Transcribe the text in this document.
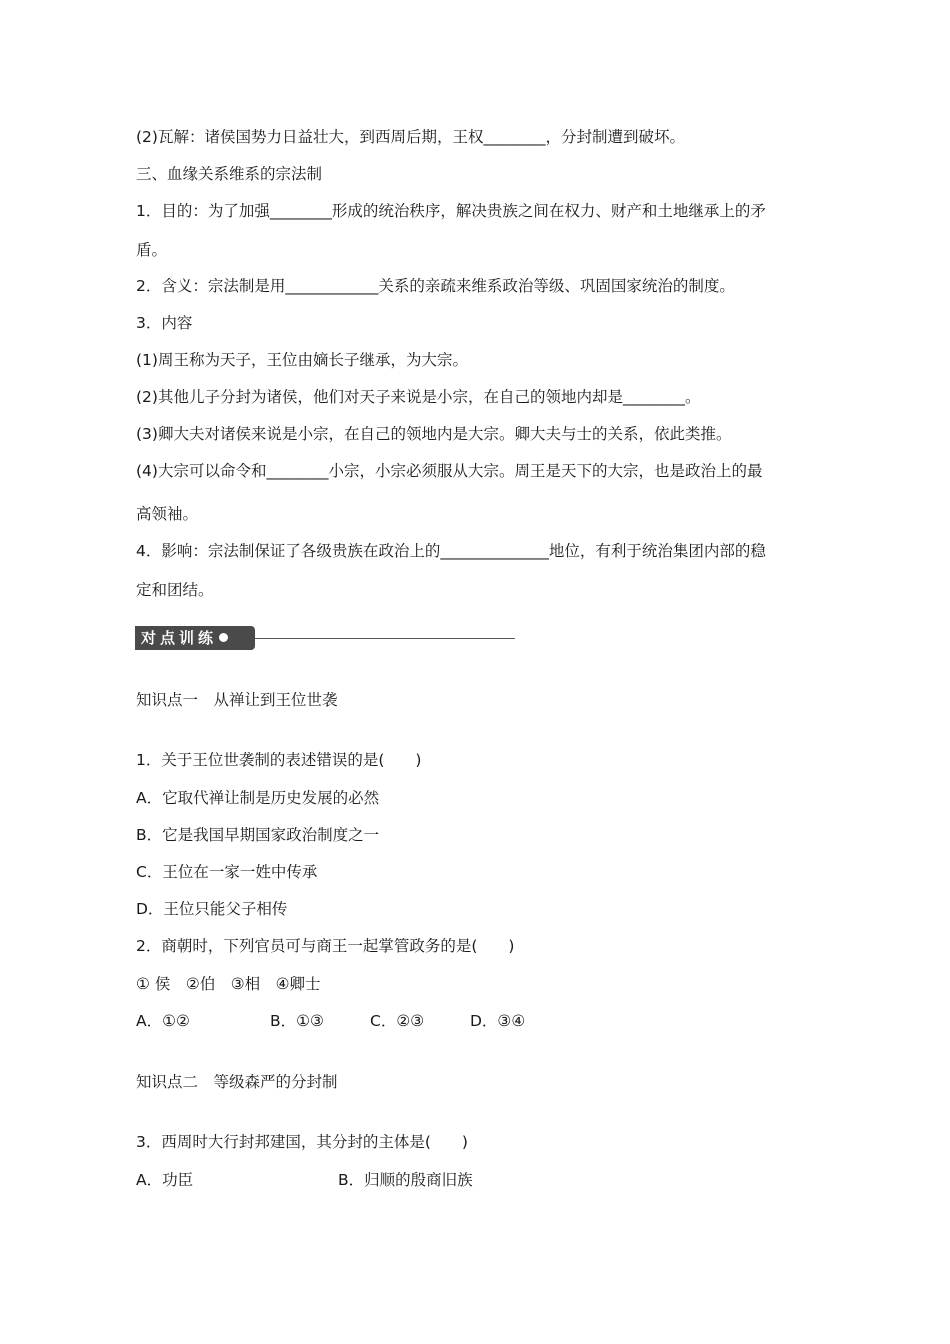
(2)瓦解：诸侯国势力日益壮大，到西周后期，王权________，分封制遭到破坏。
三、血缘关系维系的宗法制
1．目的：为了加强________形成的统治秩序，解决贵族之间在权力、财产和土地继承上的矛
盾。
2．含义：宗法制是用____________关系的亲疏来维系政治等级、巩固国家统治的制度。
3．内容
(1)周王称为天子，王位由嫡长子继承，为大宗。
(2)其他儿子分封为诸侯，他们对天子来说是小宗，在自己的领地内却是________。
(3)卿大夫对诸侯来说是小宗，在自己的领地内是大宗。卿大夫与士的关系，依此类推。
(4)大宗可以命令和________小宗，小宗必须服从大宗。周王是天下的大宗，也是政治上的最
高领袖。
4．影响：宗法制保证了各级贵族在政治上的______________地位，有利于统治集团内部的稳
定和团结。
对点训练
知识点一　从禅让到王位世袭
1．关于王位世袭制的表述错误的是(　　)
A．它取代禅让制是历史发展的必然
B．它是我国早期国家政治制度之一
C．王位在一家一姓中传承
D．王位只能父子相传
2．商朝时，下列官员可与商王一起掌管政务的是(　　)
① 侯　②伯　③相　④卿士
A．①②	B．①③	C．②③	D．③④
知识点二　等级森严的分封制
3．西周时大行封邦建国，其分封的主体是(　　)
A．功臣	B．归顺的殷商旧族
